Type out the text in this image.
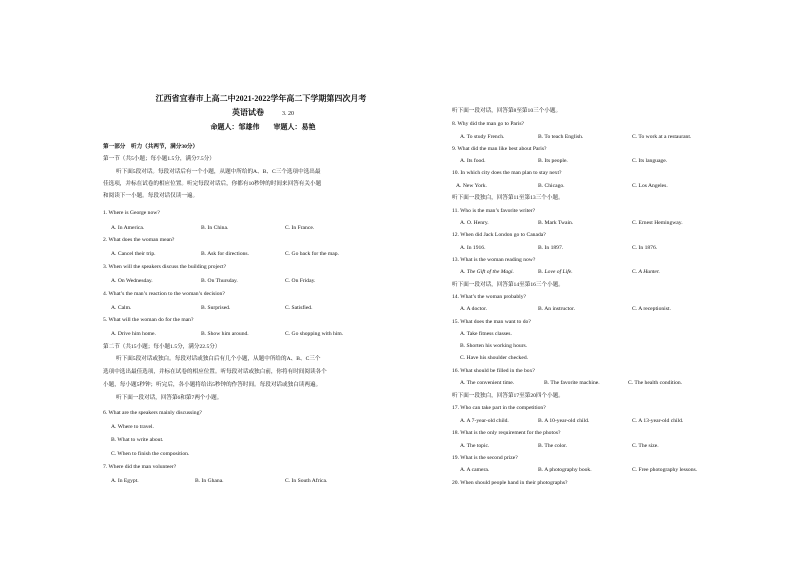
江西省宜春市上高二中2021-2022学年高二下学期第四次月考
英语试卷	3. 20
命题人：邹雄伟　　审题人：易艳
第一部分　听力（共两节，满分30分）
第一节（共5小题；每小题1.5分，满分7.5分）
听下面5段对话。每段对话后有一个小题，从题中所给的A、B、C三个选项中选出最
佳选项，并标在试卷的相应位置。听完每段对话后，你都有10秒钟的时间来回答有关小题
和阅读下一小题。每段对话仅读一遍。
1. Where is George now?
A. In America.	B. In China.	C. In France.
2. What does the woman mean?
A. Cancel their trip.	B. Ask for directions.	C. Go back for the map.
3. When will the speakers discuss the building project?
A. On Wednesday.	B. On Thursday.	C. On Friday.
4. What’s the man’s reaction to the woman’s decision?
A. Calm.	B. Surprised.	C. Satisfied.
5. What will the woman do for the man?
A. Drive him home.	B. Show him around.	C. Go shopping with him.
第二节（共15小题；每小题1.5分，满分22.5分）
听下面5段对话或独白。每段对话或独白后有几个小题，从题中所给的A、B、C三个
选项中选出最佳选项，并标在试卷的相应位置。听每段对话或独白前，你将有时间阅读各个
小题，每小题5秒钟；听完后，各小题将给出5秒钟的作答时间。每段对话或独白读两遍。
听下面一段对话，回答第6和第7两个小题。
6. What are the speakers mainly discussing?
A. Where to travel.
B. What to write about.
C. When to finish the composition.
7. Where did the man volunteer?
A. In Egypt.	B. In Ghana.	C. In South Africa.
听下面一段对话，回答第8至第10三个小题。
8. Why did the man go to Paris?
A. To study French.	B. To teach English.	C. To work at a restaurant.
9. What did the man like best about Paris?
A. Its food.	B. Its people.	C. Its language.
10. In which city does the man plan to stay next?
A. New York.	B. Chicago.	C. Los Angeles.
听下面一段独白，回答第11至第13三个小题。
11. Who is the man’s favorite writer?
A. O. Henry.	B. Mark Twain.	C. Ernest Hemingway.
12. When did Jack London go to Canada?
A. In 1916.	B. In 1897.	C. In 1876.
13. What is the woman reading now?
A. The Gift of the Magi.	B. Love of Life.	C. A Hunter.
听下面一段对话，回答第14至第16三个小题。
14. What’s the woman probably?
A. A doctor.	B. An instructor.	C. A receptionist.
15. What does the man want to do?
A. Take fitness classes.
B. Shorten his working hours.
C. Have his shoulder checked.
16. What should be filled in the box?
A. The convenient time.	B. The favorite machine.	C. The health condition.
听下面一段独白，回答第17至第20四个小题。
17. Who can take part in the competition?
A. A 7-year-old child.	B. A 10-year-old child.	C. A 13-year-old child.
18. What is the only requirement for the photos?
A. The topic.	B. The color.	C. The size.
19. What is the second prize?
A. A camera.	B. A photography book.	C. Free photography lessons.
20. When should people hand in their photographs?
